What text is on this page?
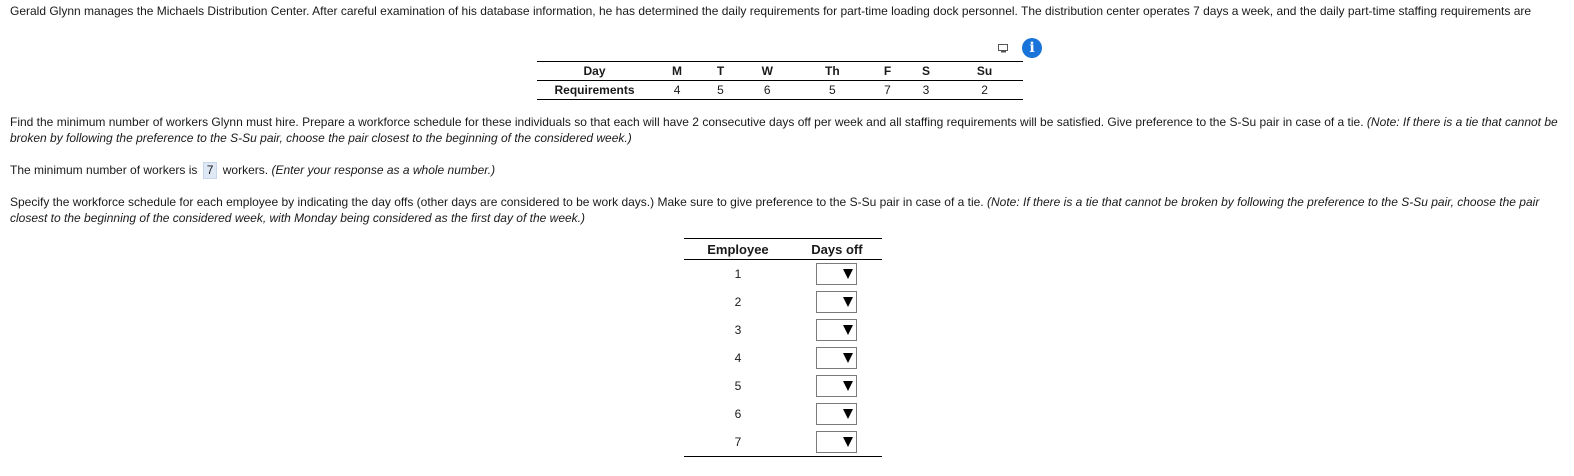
Gerald Glynn manages the Michaels Distribution Center. After careful examination of his database information, he has determined the daily requirements for part-time loading dock personnel. The distribution center operates 7 days a week, and the daily part-time staffing requirements are

i
Day	M	T	W	Th	F	S	Su
Requirements	4	5	6	5	7	3	2

Find the minimum number of workers Glynn must hire. Prepare a workforce schedule for these individuals so that each will have 2 consecutive days off per week and all staffing requirements will be satisfied. Give preference to the S-Su pair in case of a tie. (Note: If there is a tie that cannot be broken by following the preference to the S-Su pair, choose the pair closest to the beginning of the considered week.)

The minimum number of workers is 7 workers. (Enter your response as a whole number.)

Specify the workforce schedule for each employee by indicating the day offs (other days are considered to be work days.) Make sure to give preference to the S-Su pair in case of a tie. (Note: If there is a tie that cannot be broken by following the preference to the S-Su pair, choose the pair closest to the beginning of the considered week, with Monday being considered as the first day of the week.)

Employee	Days off
1	

2	

3	

4	

5	

6	

7	
